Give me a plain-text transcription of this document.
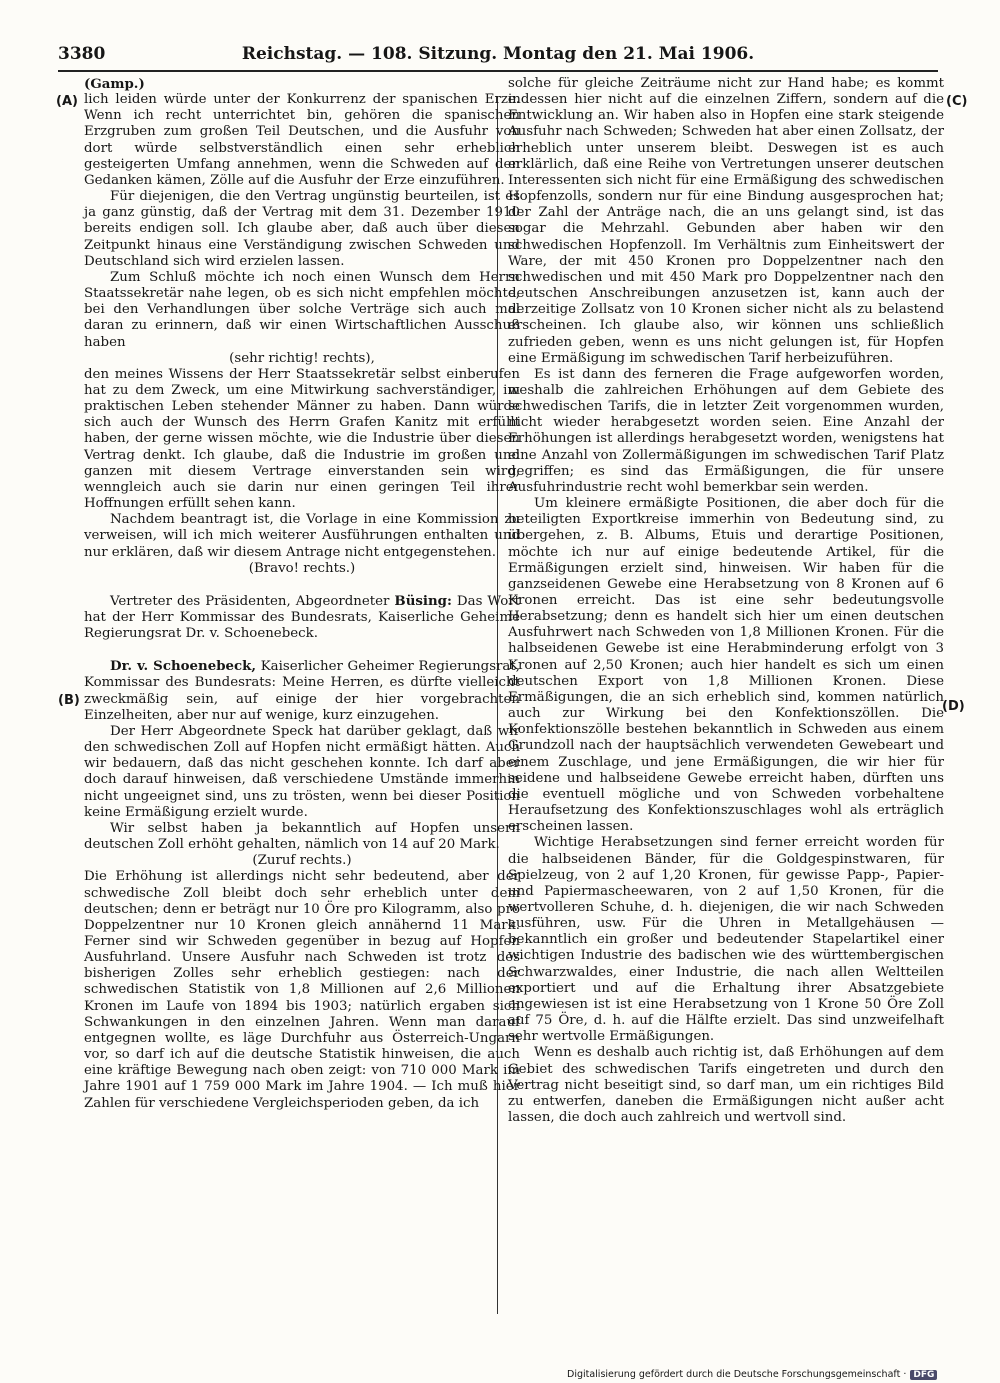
3380	Reichstag. — 108. Sitzung. Montag den 21. Mai 1906.
(A)
(B)
(C)
(D)

(Gamp.)

lich leiden würde unter der Konkurrenz der spanischen Erze. Wenn ich recht unterrichtet bin, gehören die spanischen Erzgruben zum großen Teil Deutschen, und die Ausfuhr von dort würde selbstverständlich einen sehr erheblich gesteigerten Umfang annehmen, wenn die Schweden auf den Gedanken kämen, Zölle auf die Ausfuhr der Erze einzuführen.

Für diejenigen, die den Vertrag ungünstig beurteilen, ist es ja ganz günstig, daß der Vertrag mit dem 31. Dezember 1910 bereits endigen soll. Ich glaube aber, daß auch über diesen Zeitpunkt hinaus eine Verständigung zwischen Schweden und Deutschland sich wird erzielen lassen.

Zum Schluß möchte ich noch einen Wunsch dem Herrn Staatssekretär nahe legen, ob es sich nicht empfehlen möchte, bei den Verhandlungen über solche Verträge sich auch mal daran zu erinnern, daß wir einen Wirtschaftlichen Ausschuß haben

(sehr richtig! rechts),

den meines Wissens der Herr Staatssekretär selbst einberufen hat zu dem Zweck, um eine Mitwirkung sachverständiger, im praktischen Leben stehender Männer zu haben. Dann würde sich auch der Wunsch des Herrn Grafen Kanitz mit erfüllt haben, der gerne wissen möchte, wie die Industrie über diesen Vertrag denkt. Ich glaube, daß die Industrie im großen und ganzen mit diesem Vertrage einverstanden sein wird, wenngleich auch sie darin nur einen geringen Teil ihrer Hoffnungen erfüllt sehen kann.

Nachdem beantragt ist, die Vorlage in eine Kommission zu verweisen, will ich mich weiterer Ausführungen enthalten und nur erklären, daß wir diesem Antrage nicht entgegenstehen.

(Bravo! rechts.)

Vertreter des Präsidenten, Abgeordneter Büsing: Das Wort hat der Herr Kommissar des Bundesrats, Kaiserliche Geheime Regierungsrat Dr. v. Schoenebeck.

Dr. v. Schoenebeck, Kaiserlicher Geheimer Regierungsrat, Kommissar des Bundesrats: Meine Herren, es dürfte vielleicht zweckmäßig sein, auf einige der hier vorgebrachten Einzelheiten, aber nur auf wenige, kurz einzugehen.

Der Herr Abgeordnete Speck hat darüber geklagt, daß wir den schwedischen Zoll auf Hopfen nicht ermäßigt hätten. Auch wir bedauern, daß das nicht geschehen konnte. Ich darf aber doch darauf hinweisen, daß verschiedene Umstände immerhin nicht ungeeignet sind, uns zu trösten, wenn bei dieser Position keine Ermäßigung erzielt wurde.

Wir selbst haben ja bekanntlich auf Hopfen unsern deutschen Zoll erhöht gehalten, nämlich von 14 auf 20 Mark.

(Zuruf rechts.)

Die Erhöhung ist allerdings nicht sehr bedeutend, aber der schwedische Zoll bleibt doch sehr erheblich unter dem deutschen; denn er beträgt nur 10 Öre pro Kilogramm, also pro Doppelzentner nur 10 Kronen gleich annähernd 11 Mark. Ferner sind wir Schweden gegenüber in bezug auf Hopfen Ausfuhrland. Unsere Ausfuhr nach Schweden ist trotz des bisherigen Zolles sehr erheblich gestiegen: nach der schwedischen Statistik von 1,8 Millionen auf 2,6 Millionen Kronen im Laufe von 1894 bis 1903; natürlich ergaben sich Schwankungen in den einzelnen Jahren. Wenn man darauf entgegnen wollte, es läge Durchfuhr aus Österreich-Ungarn vor, so darf ich auf die deutsche Statistik hinweisen, die auch eine kräftige Bewegung nach oben zeigt: von 710 000 Mark im Jahre 1901 auf 1 759 000 Mark im Jahre 1904. — Ich muß hier Zahlen für verschiedene Vergleichsperioden geben, da ich

solche für gleiche Zeiträume nicht zur Hand habe; es kommt indessen hier nicht auf die einzelnen Ziffern, sondern auf die Entwicklung an. Wir haben also in Hopfen eine stark steigende Ausfuhr nach Schweden; Schweden hat aber einen Zollsatz, der erheblich unter unserem bleibt. Deswegen ist es auch erklärlich, daß eine Reihe von Vertretungen unserer deutschen Interessenten sich nicht für eine Ermäßigung des schwedischen Hopfenzolls, sondern nur für eine Bindung ausgesprochen hat; der Zahl der Anträge nach, die an uns gelangt sind, ist das sogar die Mehrzahl. Gebunden aber haben wir den schwedischen Hopfenzoll. Im Verhältnis zum Einheitswert der Ware, der mit 450 Kronen pro Doppelzentner nach den schwedischen und mit 450 Mark pro Doppelzentner nach den deutschen Anschreibungen anzusetzen ist, kann auch der derzeitige Zollsatz von 10 Kronen sicher nicht als zu belastend erscheinen. Ich glaube also, wir können uns schließlich zufrieden geben, wenn es uns nicht gelungen ist, für Hopfen eine Ermäßigung im schwedischen Tarif herbeizuführen.

Es ist dann des ferneren die Frage aufgeworfen worden, weshalb die zahlreichen Erhöhungen auf dem Gebiete des schwedischen Tarifs, die in letzter Zeit vorgenommen wurden, nicht wieder herabgesetzt worden seien. Eine Anzahl der Erhöhungen ist allerdings herabgesetzt worden, wenigstens hat eine Anzahl von Zollermäßigungen im schwedischen Tarif Platz gegriffen; es sind das Ermäßigungen, die für unsere Ausfuhrindustrie recht wohl bemerkbar sein werden.

Um kleinere ermäßigte Positionen, die aber doch für die beteiligten Exportkreise immerhin von Bedeutung sind, zu übergehen, z. B. Albums, Etuis und derartige Positionen, möchte ich nur auf einige bedeutende Artikel, für die Ermäßigungen erzielt sind, hinweisen. Wir haben für die ganzseidenen Gewebe eine Herabsetzung von 8 Kronen auf 6 Kronen erreicht. Das ist eine sehr bedeutungsvolle Herabsetzung; denn es handelt sich hier um einen deutschen Ausfuhrwert nach Schweden von 1,8 Millionen Kronen. Für die halbseidenen Gewebe ist eine Herabminderung erfolgt von 3 Kronen auf 2,50 Kronen; auch hier handelt es sich um einen deutschen Export von 1,8 Millionen Kronen. Diese Ermäßigungen, die an sich erheblich sind, kommen natürlich auch zur Wirkung bei den Konfektionszöllen. Die Konfektionszölle bestehen bekanntlich in Schweden aus einem Grundzoll nach der hauptsächlich verwendeten Gewebeart und einem Zuschlage, und jene Ermäßigungen, die wir hier für seidene und halbseidene Gewebe erreicht haben, dürften uns die eventuell mögliche und von Schweden vorbehaltene Heraufsetzung des Konfektionszuschlages wohl als erträglich erscheinen lassen.

Wichtige Herabsetzungen sind ferner erreicht worden für die halbseidenen Bänder, für die Goldgespinstwaren, für Spielzeug, von 2 auf 1,20 Kronen, für gewisse Papp-, Papier- und Papiermascheewaren, von 2 auf 1,50 Kronen, für die wertvolleren Schuhe, d. h. diejenigen, die wir nach Schweden ausführen, usw. Für die Uhren in Metallgehäusen — bekanntlich ein großer und bedeutender Stapelartikel einer wichtigen Industrie des badischen wie des württembergischen Schwarzwaldes, einer Industrie, die nach allen Weltteilen exportiert und auf die Erhaltung ihrer Absatzgebiete angewiesen ist ist eine Herabsetzung von 1 Krone 50 Öre Zoll auf 75 Öre, d. h. auf die Hälfte erzielt. Das sind unzweifelhaft sehr wertvolle Ermäßigungen.

Wenn es deshalb auch richtig ist, daß Erhöhungen auf dem Gebiet des schwedischen Tarifs eingetreten und durch den Vertrag nicht beseitigt sind, so darf man, um ein richtiges Bild zu entwerfen, daneben die Ermäßigungen nicht außer acht lassen, die doch auch zahlreich und wertvoll sind.

Digitalisierung gefördert durch die Deutsche Forschungsgemeinschaft · DFG
